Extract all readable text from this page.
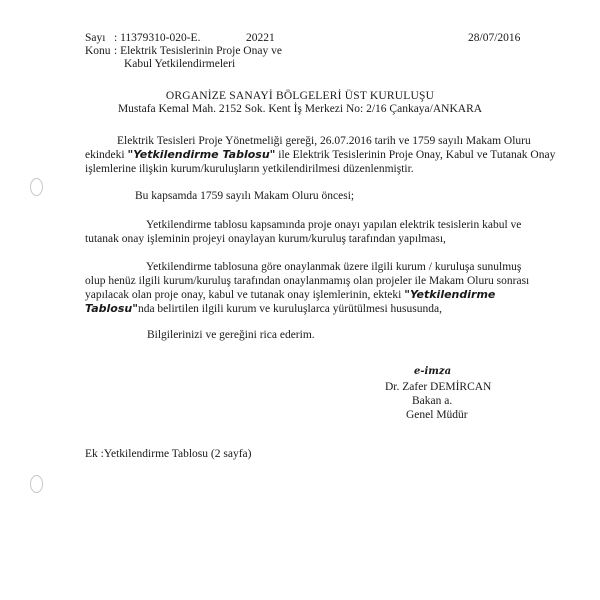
Sayı : 11379310-020-E.	20221	28/07/2016
Konu : Elektrik Tesislerinin Proje Onay ve
Kabul Yetkilendirmeleri
ORGANİZE SANAYİ BÖLGELERİ ÜST KURULUŞU
Mustafa Kemal Mah. 2152 Sok. Kent İş Merkezi No: 2/16 Çankaya/ANKARA
Elektrik Tesisleri Proje Yönetmeliği gereği, 26.07.2016 tarih ve 1759 sayılı Makam Oluru
ekindeki "Yetkilendirme Tablosu" ile Elektrik Tesislerinin Proje Onay, Kabul ve Tutanak Onay
işlemlerine ilişkin kurum/kuruluşların yetkilendirilmesi düzenlenmiştir.
Bu kapsamda 1759 sayılı Makam Oluru öncesi;
Yetkilendirme tablosu kapsamında proje onayı yapılan elektrik tesislerin kabul ve
tutanak onay işleminin projeyi onaylayan kurum/kuruluş tarafından yapılması,
Yetkilendirme tablosuna göre onaylanmak üzere ilgili kurum / kuruluşa sunulmuş
olup henüz ilgili kurum/kuruluş tarafından onaylanmamış olan projeler ile Makam Oluru sonrası
yapılacak olan proje onay, kabul ve tutanak onay işlemlerinin, ekteki "Yetkilendirme
Tablosu"nda belirtilen ilgili kurum ve kuruluşlarca yürütülmesi hususunda,
Bilgilerinizi ve gereğini rica ederim.
e-imza
Dr. Zafer DEMİRCAN
Bakan a.
Genel Müdür
Ek :Yetkilendirme Tablosu (2 sayfa)
